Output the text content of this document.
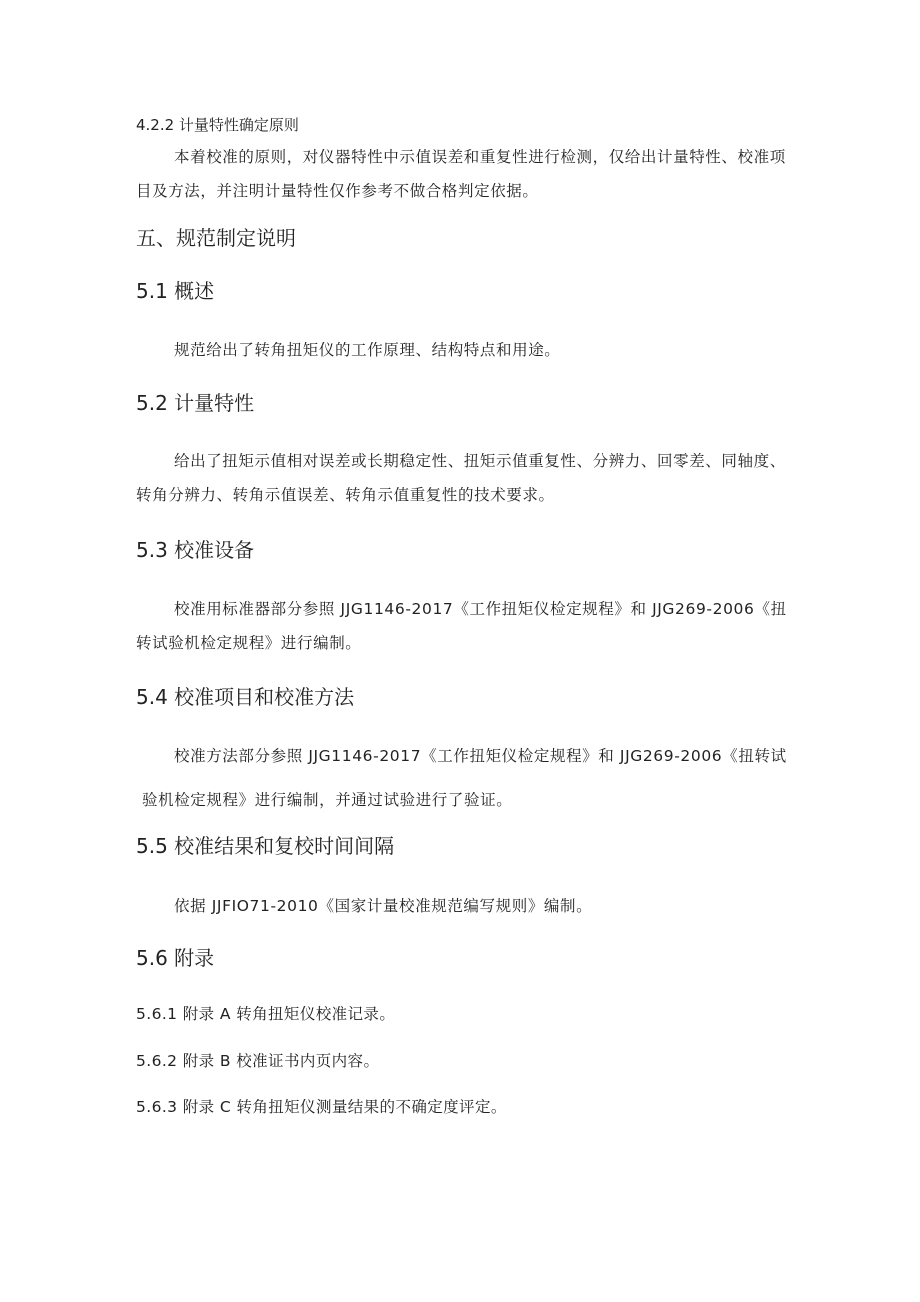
4.2.2 计量特性确定原则

本着校准的原则，对仪器特性中示值误差和重复性进行检测，仅给出计量特性、校准项目及方法，并注明计量特性仅作参考不做合格判定依据。

五、规范制定说明
5.1 概述

规范给出了转角扭矩仪的工作原理、结构特点和用途。

5.2 计量特性

给出了扭矩示值相对误差或长期稳定性、扭矩示值重复性、分辨力、回零差、同轴度、转角分辨力、转角示值误差、转角示值重复性的技术要求。

5.3 校准设备

校准用标准器部分参照 JJG1146-2017《工作扭矩仪检定规程》和 JJG269-2006《扭转试验机检定规程》进行编制。

5.4 校准项目和校准方法
校准方法部分参照 JJG1146-2017《工作扭矩仪检定规程》和 JJG269-2006《扭转试
验机检定规程》进行编制，并通过试验进行了验证。
5.5 校准结果和复校时间间隔

依据 JJFIO71-2010《国家计量校准规范编写规则》编制。

5.6 附录
5.6.1 附录 A 转角扭矩仪校准记录。
5.6.2 附录 B 校准证书内页内容。
5.6.3 附录 C 转角扭矩仪测量结果的不确定度评定。
